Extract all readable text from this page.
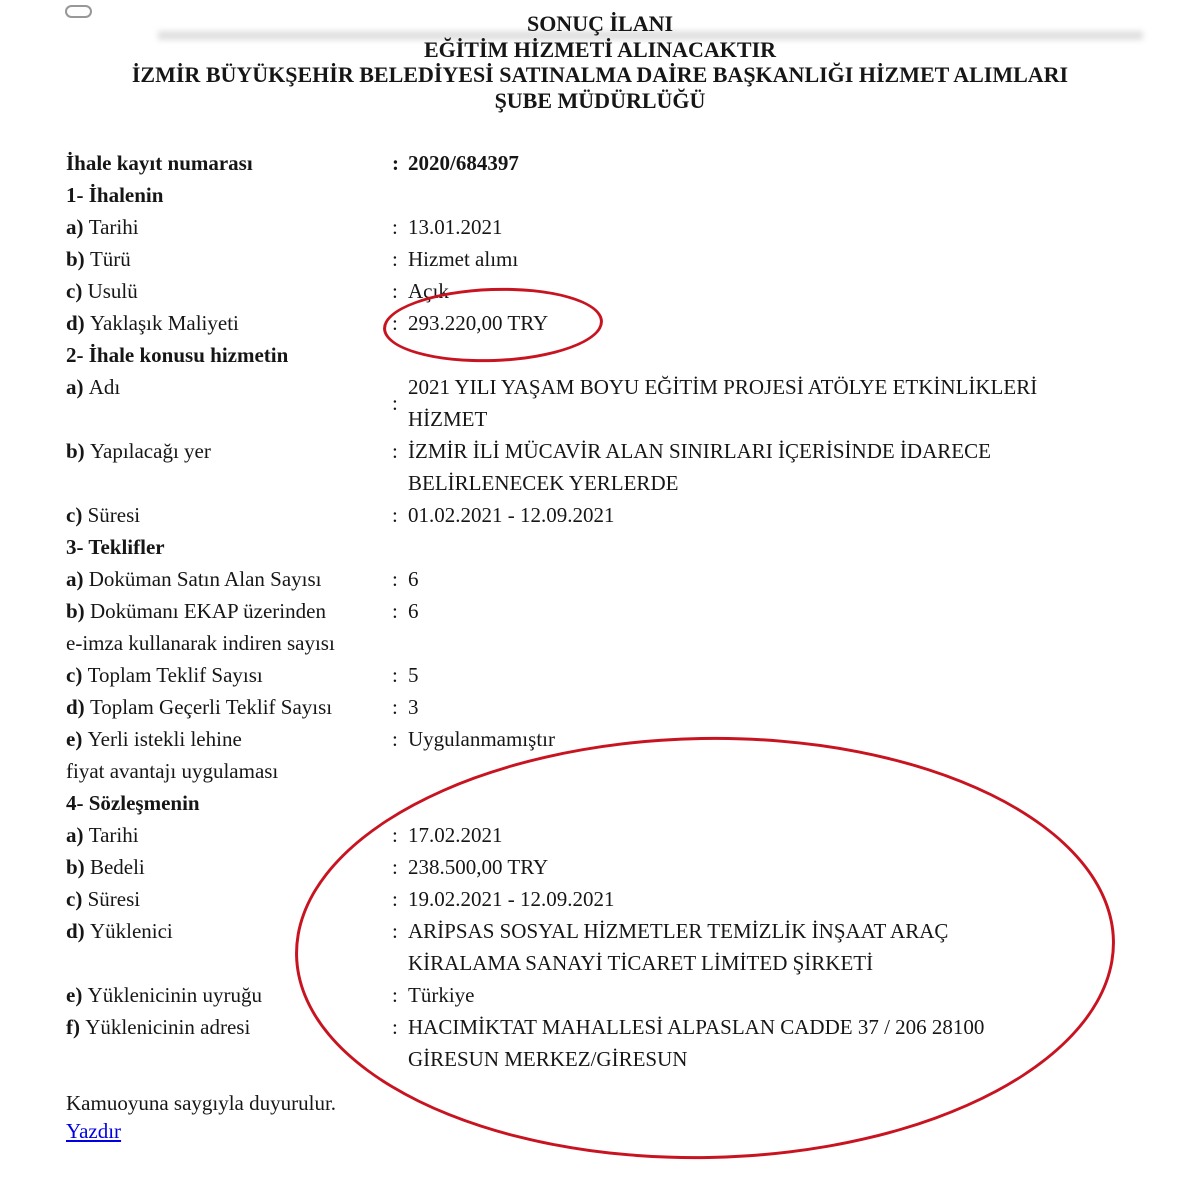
SONUÇ İLANI
EĞİTİM HİZMETİ ALINACAKTIR
İZMİR BÜYÜKŞEHİR BELEDİYESİ SATINALMA DAİRE BAŞKANLIĞI HİZMET ALIMLARI
ŞUBE MÜDÜRLÜĞÜ
İhale kayıt numarası	: 2020/684397
1- İhalenin
a) Tarihi	: 13.01.2021
b) Türü	: Hizmet alımı
c) Usulü	: Açık
d) Yaklaşık Maliyeti	: 293.220,00 TRY
2- İhale konusu hizmetin
a) Adı
:
2021 YILI YAŞAM BOYU EĞİTİM PROJESİ ATÖLYE ETKİNLİKLERİ
HİZMET
b) Yapılacağı yer	: İZMİR İLİ MÜCAVİR ALAN SINIRLARI İÇERİSİNDE İDARECE
BELİRLENECEK YERLERDE
c) Süresi	: 01.02.2021 - 12.09.2021
3- Teklifler
a) Doküman Satın Alan Sayısı	: 6
b) Dokümanı EKAP üzerinden
e-imza kullanarak indiren sayısı
: 6
c) Toplam Teklif Sayısı	: 5
d) Toplam Geçerli Teklif Sayısı	: 3
e) Yerli istekli lehine
fiyat avantajı uygulaması
: Uygulanmamıştır
4- Sözleşmenin
a) Tarihi	: 17.02.2021
b) Bedeli	: 238.500,00 TRY
c) Süresi	: 19.02.2021 - 12.09.2021
d) Yüklenici	: ARİPSAS SOSYAL HİZMETLER TEMİZLİK İNŞAAT ARAÇ
KİRALAMA SANAYİ TİCARET LİMİTED ŞİRKETİ
e) Yüklenicinin uyruğu	: Türkiye
f) Yüklenicinin adresi	: HACIMİKTAT MAHALLESİ ALPASLAN CADDE 37 / 206 28100
GİRESUN MERKEZ/GİRESUN
Kamuoyuna saygıyla duyurulur.
Yazdır
